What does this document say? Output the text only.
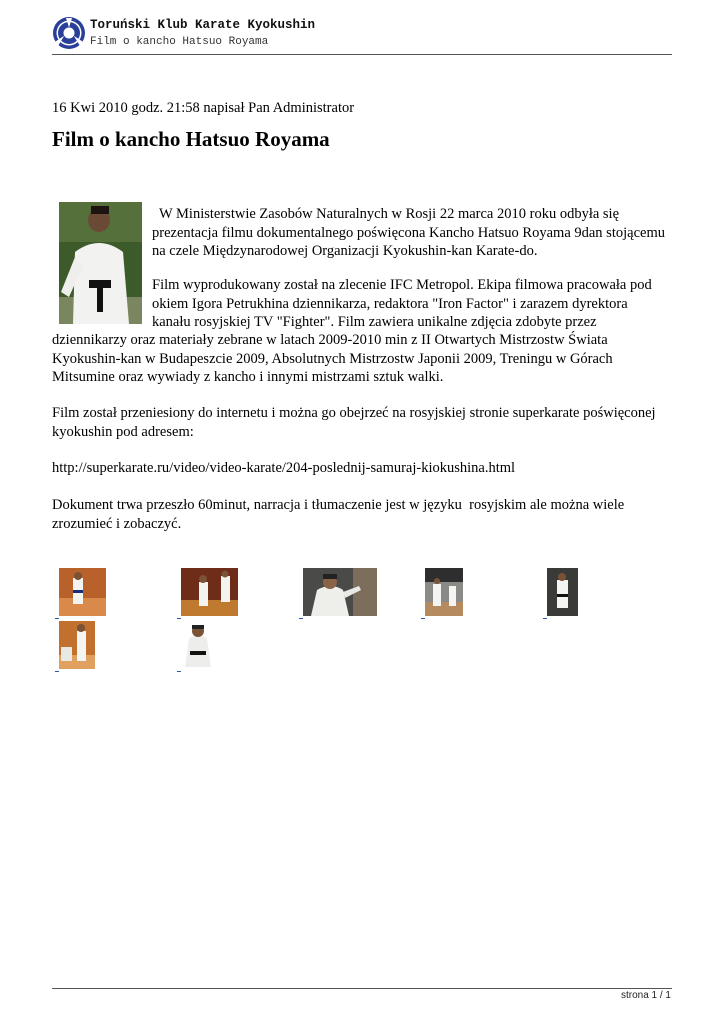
Toruński Klub Karate Kyokushin
Film o kancho Hatsuo Royama
16 Kwi 2010 godz. 21:58 napisał Pan Administrator
Film o kancho Hatsuo Royama

W Ministerstwie Zasobów Naturalnych w Rosji 22 marca 2010 roku odbyła się
prezentacja filmu dokumentalnego poświęcona Kancho Hatsuo Royama 9dan stojącemu
na czele Międzynarodowej Organizacji Kyokushin-kan Karate-do.

Film wyprodukowany został na zlecenie IFC Metropol. Ekipa filmowa pracowała pod
okiem Igora Petrukhina dziennikarza, redaktora "Iron Factor" i zarazem dyrektora
kanału rosyjskiej TV "Fighter". Film zawiera unikalne zdjęcia zdobyte przez

dziennikarzy oraz materiały zebrane w latach 2009-2010 min z II Otwartych Mistrzostw Świata
Kyokushin-kan w Budapeszcie 2009, Absolutnych Mistrzostw Japonii 2009, Treningu w Górach
Mitsumine oraz wywiady z kancho i innymi mistrzami sztuk walki.

Film został przeniesiony do internetu i można go obejrzeć na rosyjskiej stronie superkarate poświęconej
kyokushin pod adresem:

http://superkarate.ru/video/video-karate/204-poslednij-samuraj-kiokushina.html

Dokument trwa przeszło 60minut, narracja i tłumaczenie jest w języku  rosyjskim ale można wiele
zrozumieć i zobaczyć.

_	_	_	_	_
_	_
strona 1 / 1
